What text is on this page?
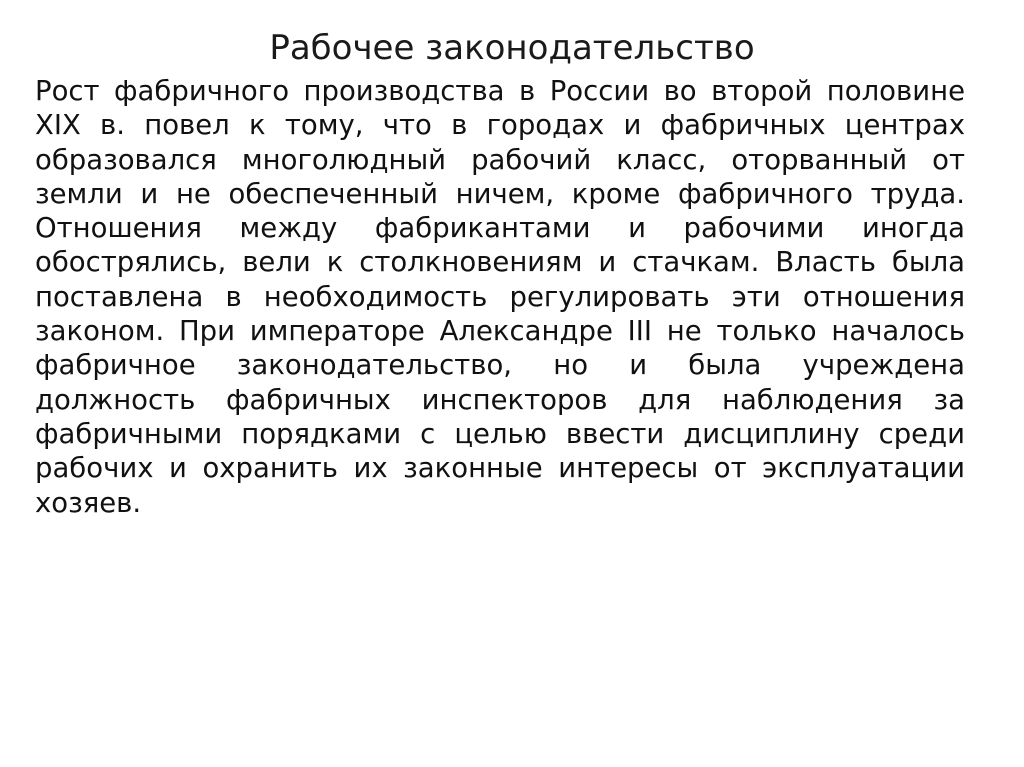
Рабочее законодательство
Рост фабричного производства в России во второй половине
XIX в. повел к тому, что в городах и фабричных центрах
образовался многолюдный рабочий класс, оторванный от
земли и не обеспеченный ничем, кроме фабричного труда.
Отношения между фабрикантами и рабочими иногда
обострялись, вели к столкновениям и стачкам. Власть была
поставлена в необходимость регулировать эти отношения
законом. При императоре Александре III не только началось
фабричное законодательство, но и была учреждена
должность фабричных инспекторов для наблюдения за
фабричными порядками с целью ввести дисциплину среди
рабочих и охранить их законные интересы от эксплуатации
хозяев.
